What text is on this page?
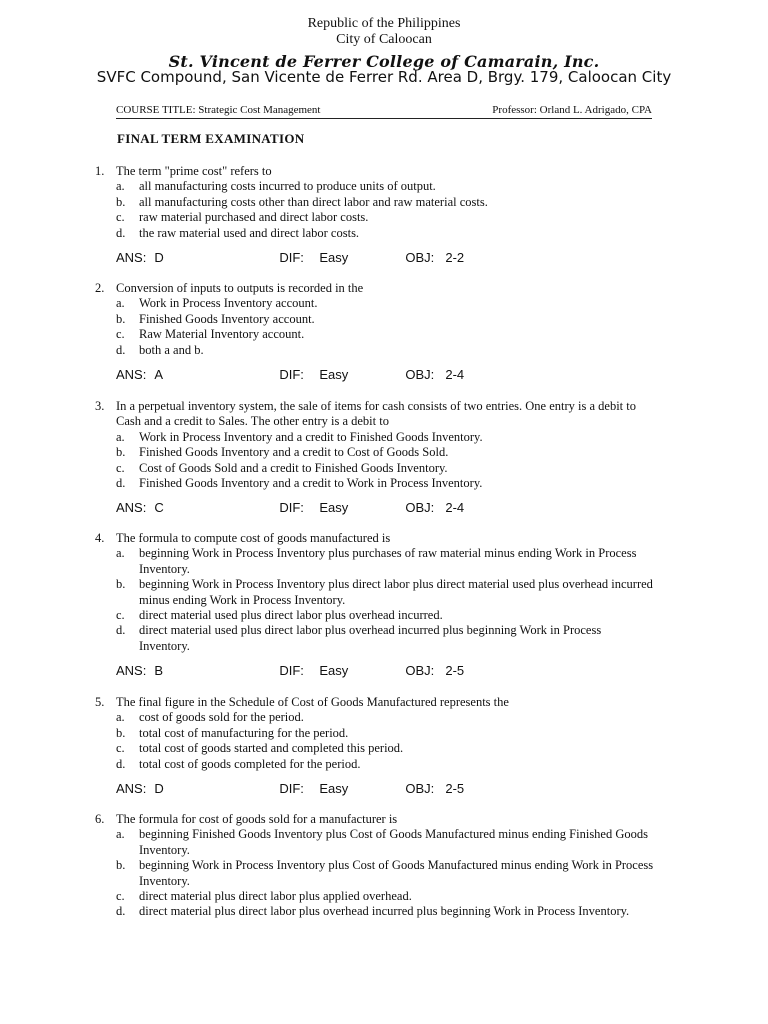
Republic of the Philippines
City of Caloocan
St. Vincent de Ferrer College of Camarain, Inc.
SVFC Compound, San Vicente de Ferrer Rd. Area D, Brgy. 179, Caloocan City
COURSE TITLE: Strategic Cost Management	Professor: Orland L. Adrigado, CPA
FINAL TERM EXAMINATION
1. The term "prime cost" refers to
a.	all manufacturing costs incurred to produce units of output.
b.	all manufacturing costs other than direct labor and raw material costs.
c.	raw material purchased and direct labor costs.
d.	the raw material used and direct labor costs.
ANS: D	DIF:	Easy	OBJ: 2-2
2. Conversion of inputs to outputs is recorded in the
a.	Work in Process Inventory account.
b.	Finished Goods Inventory account.
c.	Raw Material Inventory account.
d.	both a and b.
ANS: A	DIF:	Easy	OBJ: 2-4
3. In a perpetual inventory system, the sale of items for cash consists of two entries. One entry is a debit to Cash and a credit to Sales. The other entry is a debit to
a.	Work in Process Inventory and a credit to Finished Goods Inventory.
b.	Finished Goods Inventory and a credit to Cost of Goods Sold.
c.	Cost of Goods Sold and a credit to Finished Goods Inventory.
d.	Finished Goods Inventory and a credit to Work in Process Inventory.
ANS: C	DIF:	Easy	OBJ: 2-4
4. The formula to compute cost of goods manufactured is
a.	beginning Work in Process Inventory plus purchases of raw material minus ending Work in Process Inventory.
b.	beginning Work in Process Inventory plus direct labor plus direct material used plus overhead incurred minus ending Work in Process Inventory.
c.	direct material used plus direct labor plus overhead incurred.
d.	direct material used plus direct labor plus overhead incurred plus beginning Work in Process Inventory.
ANS: B	DIF:	Easy	OBJ: 2-5
5. The final figure in the Schedule of Cost of Goods Manufactured represents the
a.	cost of goods sold for the period.
b.	total cost of manufacturing for the period.
c.	total cost of goods started and completed this period.
d.	total cost of goods completed for the period.
ANS: D	DIF:	Easy	OBJ: 2-5
6. The formula for cost of goods sold for a manufacturer is
a.	beginning Finished Goods Inventory plus Cost of Goods Manufactured minus ending Finished Goods Inventory.
b.	beginning Work in Process Inventory plus Cost of Goods Manufactured minus ending Work in Process Inventory.
c.	direct material plus direct labor plus applied overhead.
d.	direct material plus direct labor plus overhead incurred plus beginning Work in Process Inventory.
